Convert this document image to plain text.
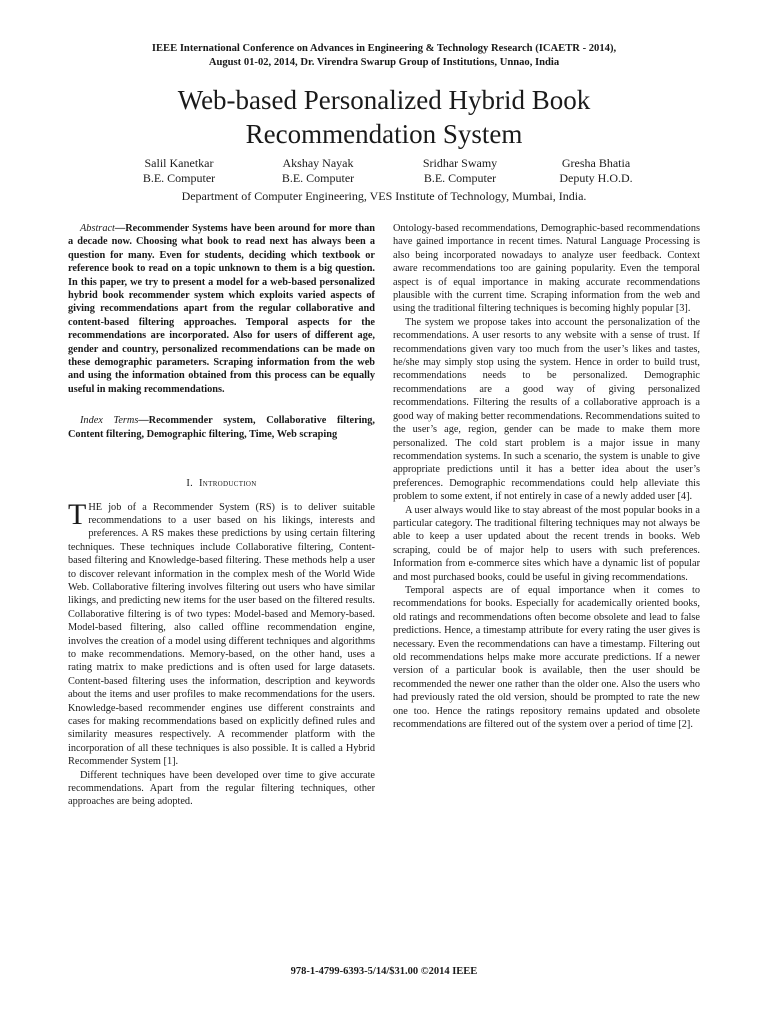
IEEE International Conference on Advances in Engineering & Technology Research (ICAETR - 2014),
August 01-02, 2014, Dr. Virendra Swarup Group of Institutions, Unnao, India
Web-based Personalized Hybrid Book
Recommendation System
Salil Kanetkar
B.E. Computer
Akshay Nayak
B.E. Computer
Sridhar Swamy
B.E. Computer
Gresha Bhatia
Deputy H.O.D.
Department of Computer Engineering, VES Institute of Technology, Mumbai, India.

Abstract—Recommender Systems have been around for more than a decade now. Choosing what book to read next has always been a question for many. Even for students, deciding which textbook or reference book to read on a topic unknown to them is a big question. In this paper, we try to present a model for a web-based personalized hybrid book recommender system which exploits varied aspects of giving recommendations apart from the regular collaborative and content-based filtering approaches. Temporal aspects for the recommendations are incorporated. Also for users of different age, gender and country, personalized recommendations can be made on these demographic parameters. Scraping information from the web and using the information obtained from this process can be equally useful in making recommendations.

Index Terms—Recommender system, Collaborative filtering, Content filtering, Demographic filtering, Time, Web scraping

I. Introduction

THE job of a Recommender System (RS) is to deliver suitable recommendations to a user based on his likings, interests and preferences. A RS makes these predictions by using certain filtering techniques. These techniques include Collaborative filtering, Content-based filtering and Knowledge-based filtering. These methods help a user to discover relevant information in the complex mesh of the World Wide Web. Collaborative filtering involves filtering out users who have similar likings, and predicting new items for the user based on the filtered results. Collaborative filtering is of two types: Model-based and Memory-based. Model-based filtering, also called offline recommendation engine, involves the creation of a model using different techniques and algorithms to make recommendations. Memory-based, on the other hand, uses a rating matrix to make predictions and is often used for large datasets. Content-based filtering uses the information, description and keywords about the items and user profiles to make recommendations for the users. Knowledge-based recommender engines use different constraints and cases for making recommendations based on explicitly defined rules and similarity measures respectively. A recommender platform with the incorporation of all these techniques is also possible. It is called a Hybrid Recommender System [1].

Different techniques have been developed over time to give accurate recommendations. Apart from the regular filtering techniques, other approaches are being adopted.

Ontology-based recommendations, Demographic-based recommendations have gained importance in recent times. Natural Language Processing is also being incorporated nowadays to analyze user feedback. Context aware recommendations too are gaining popularity. Even the temporal aspect is of equal importance in making accurate recommendations plausible with the current time. Scraping information from the web and using the traditional filtering techniques is becoming highly popular [3].

The system we propose takes into account the personalization of the recommendations. A user resorts to any website with a sense of trust. If recommendations given vary too much from the user’s likes and tastes, he/she may simply stop using the system. Hence in order to build trust, recommendations needs to be personalized. Demographic recommendations are a good way of giving personalized recommendations. Filtering the results of a collaborative approach is a good way of making better recommendations. Recommendations suited to the user’s age, region, gender can be made to make them more personalized. The cold start problem is a major issue in many recommendation systems. In such a scenario, the system is unable to give appropriate predictions until it has a better idea about the user’s preferences. Demographic recommendations could help alleviate this problem to some extent, if not entirely in case of a newly added user [4].

A user always would like to stay abreast of the most popular books in a particular category. The traditional filtering techniques may not always be able to keep a user updated about the recent trends in books. Web scraping, could be of major help to users with such preferences. Information from e-commerce sites which have a dynamic list of popular and most purchased books, could be useful in giving recommendations.

Temporal aspects are of equal importance when it comes to recommendations for books. Especially for academically oriented books, old ratings and recommendations often become obsolete and lead to false predictions. Hence, a timestamp attribute for every rating the user gives is necessary. Even the recommendations can have a timestamp. Filtering out old recommendations helps make more accurate predictions. If a newer version of a particular book is available, then the user should be recommended the newer one rather than the older one. Also the users who had previously rated the old version, should be prompted to rate the new one too. Hence the ratings repository remains updated and obsolete recommendations are filtered out of the system over a period of time [2].

978-1-4799-6393-5/14/$31.00 ©2014 IEEE
